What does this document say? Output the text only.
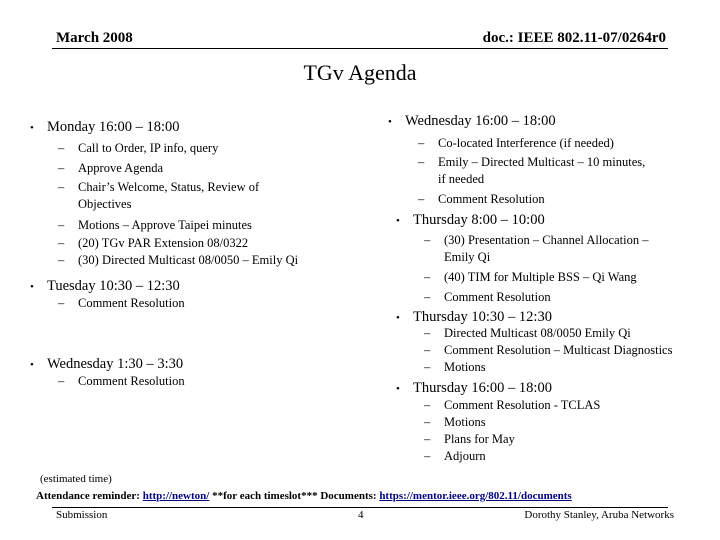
March 2008	doc.: IEEE 802.11-07/0264r0
TGv Agenda
• Monday 16:00 – 18:00
– Call to Order, IP info, query
– Approve Agenda
– Chair’s Welcome, Status, Review of
Objectives
– Motions – Approve Taipei minutes
– (20) TGv PAR Extension 08/0322
– (30) Directed Multicast 08/0050 – Emily Qi
• Tuesday 10:30 – 12:30
– Comment Resolution
• Wednesday 1:30 – 3:30
– Comment Resolution
• Wednesday 16:00 – 18:00
– Co-located Interference (if needed)
– Emily – Directed Multicast – 10 minutes,
if needed
– Comment Resolution
• Thursday 8:00 – 10:00
– (30) Presentation – Channel Allocation –
Emily Qi
– (40) TIM for Multiple BSS – Qi Wang
– Comment Resolution
• Thursday 10:30 – 12:30
– Directed Multicast 08/0050 Emily Qi
– Comment Resolution – Multicast Diagnostics
– Motions
• Thursday 16:00 – 18:00
– Comment Resolution - TCLAS
– Motions
– Plans for May
– Adjourn
(estimated time)
Attendance reminder: http://newton/ **for each timeslot*** Documents: https://mentor.ieee.org/802.11/documents
Submission	4	Dorothy Stanley, Aruba Networks
